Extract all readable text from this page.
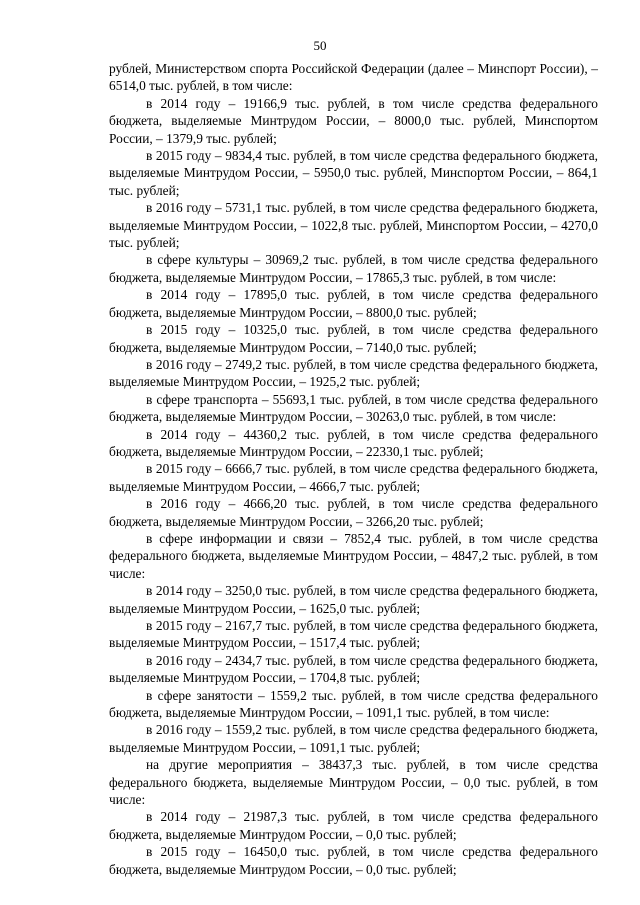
50

рублей, Министерством спорта Российской Федерации (далее – Минспорт России), – 6514,0 тыс. рублей, в том числе:

в 2014 году – 19166,9 тыс. рублей, в том числе средства федерального бюджета, выделяемые Минтрудом России, – 8000,0 тыс. рублей, Минспортом России, – 1379,9 тыс. рублей;

в 2015 году – 9834,4 тыс. рублей, в том числе средства федерального бюджета, выделяемые Минтрудом России, – 5950,0 тыс. рублей, Минспортом России, – 864,1 тыс. рублей;

в 2016 году – 5731,1 тыс. рублей, в том числе средства федерального бюджета, выделяемые Минтрудом России, – 1022,8 тыс. рублей, Минспортом России, – 4270,0 тыс. рублей;

в сфере культуры – 30969,2 тыс. рублей, в том числе средства федерального бюджета, выделяемые Минтрудом России, – 17865,3 тыс. рублей, в том числе:

в 2014 году – 17895,0 тыс. рублей, в том числе средства федерального бюджета, выделяемые Минтрудом России, – 8800,0 тыс. рублей;

в 2015 году – 10325,0 тыс. рублей, в том числе средства федерального бюджета, выделяемые Минтрудом России, – 7140,0 тыс. рублей;

в 2016 году – 2749,2 тыс. рублей, в том числе средства федерального бюджета, выделяемые Минтрудом России, – 1925,2 тыс. рублей;

в сфере транспорта – 55693,1 тыс. рублей, в том числе средства федерального бюджета, выделяемые Минтрудом России, – 30263,0 тыс. рублей, в том числе:

в 2014 году – 44360,2 тыс. рублей, в том числе средства федерального бюджета, выделяемые Минтрудом России, – 22330,1 тыс. рублей;

в 2015 году – 6666,7 тыс. рублей, в том числе средства федерального бюджета, выделяемые Минтрудом России, – 4666,7 тыс. рублей;

в 2016 году – 4666,20 тыс. рублей, в том числе средства федерального бюджета, выделяемые Минтрудом России, – 3266,20 тыс. рублей;

в сфере информации и связи – 7852,4 тыс. рублей, в том числе средства федерального бюджета, выделяемые Минтрудом России, – 4847,2 тыс. рублей, в том числе:

в 2014 году – 3250,0 тыс. рублей, в том числе средства федерального бюджета, выделяемые Минтрудом России, – 1625,0 тыс. рублей;

в 2015 году – 2167,7 тыс. рублей, в том числе средства федерального бюджета, выделяемые Минтрудом России, – 1517,4 тыс. рублей;

в 2016 году – 2434,7 тыс. рублей, в том числе средства федерального бюджета, выделяемые Минтрудом России, – 1704,8 тыс. рублей;

в сфере занятости – 1559,2 тыс. рублей, в том числе средства федерального бюджета, выделяемые Минтрудом России, – 1091,1 тыс. рублей, в том числе:

в 2016 году – 1559,2 тыс. рублей, в том числе средства федерального бюджета, выделяемые Минтрудом России, – 1091,1 тыс. рублей;

на другие мероприятия – 38437,3 тыс. рублей, в том числе средства федерального бюджета, выделяемые Минтрудом России, – 0,0 тыс. рублей, в том числе:

в 2014 году – 21987,3 тыс. рублей, в том числе средства федерального бюджета, выделяемые Минтрудом России, – 0,0 тыс. рублей;

в 2015 году – 16450,0 тыс. рублей, в том числе средства федерального бюджета, выделяемые Минтрудом России, – 0,0 тыс. рублей;
